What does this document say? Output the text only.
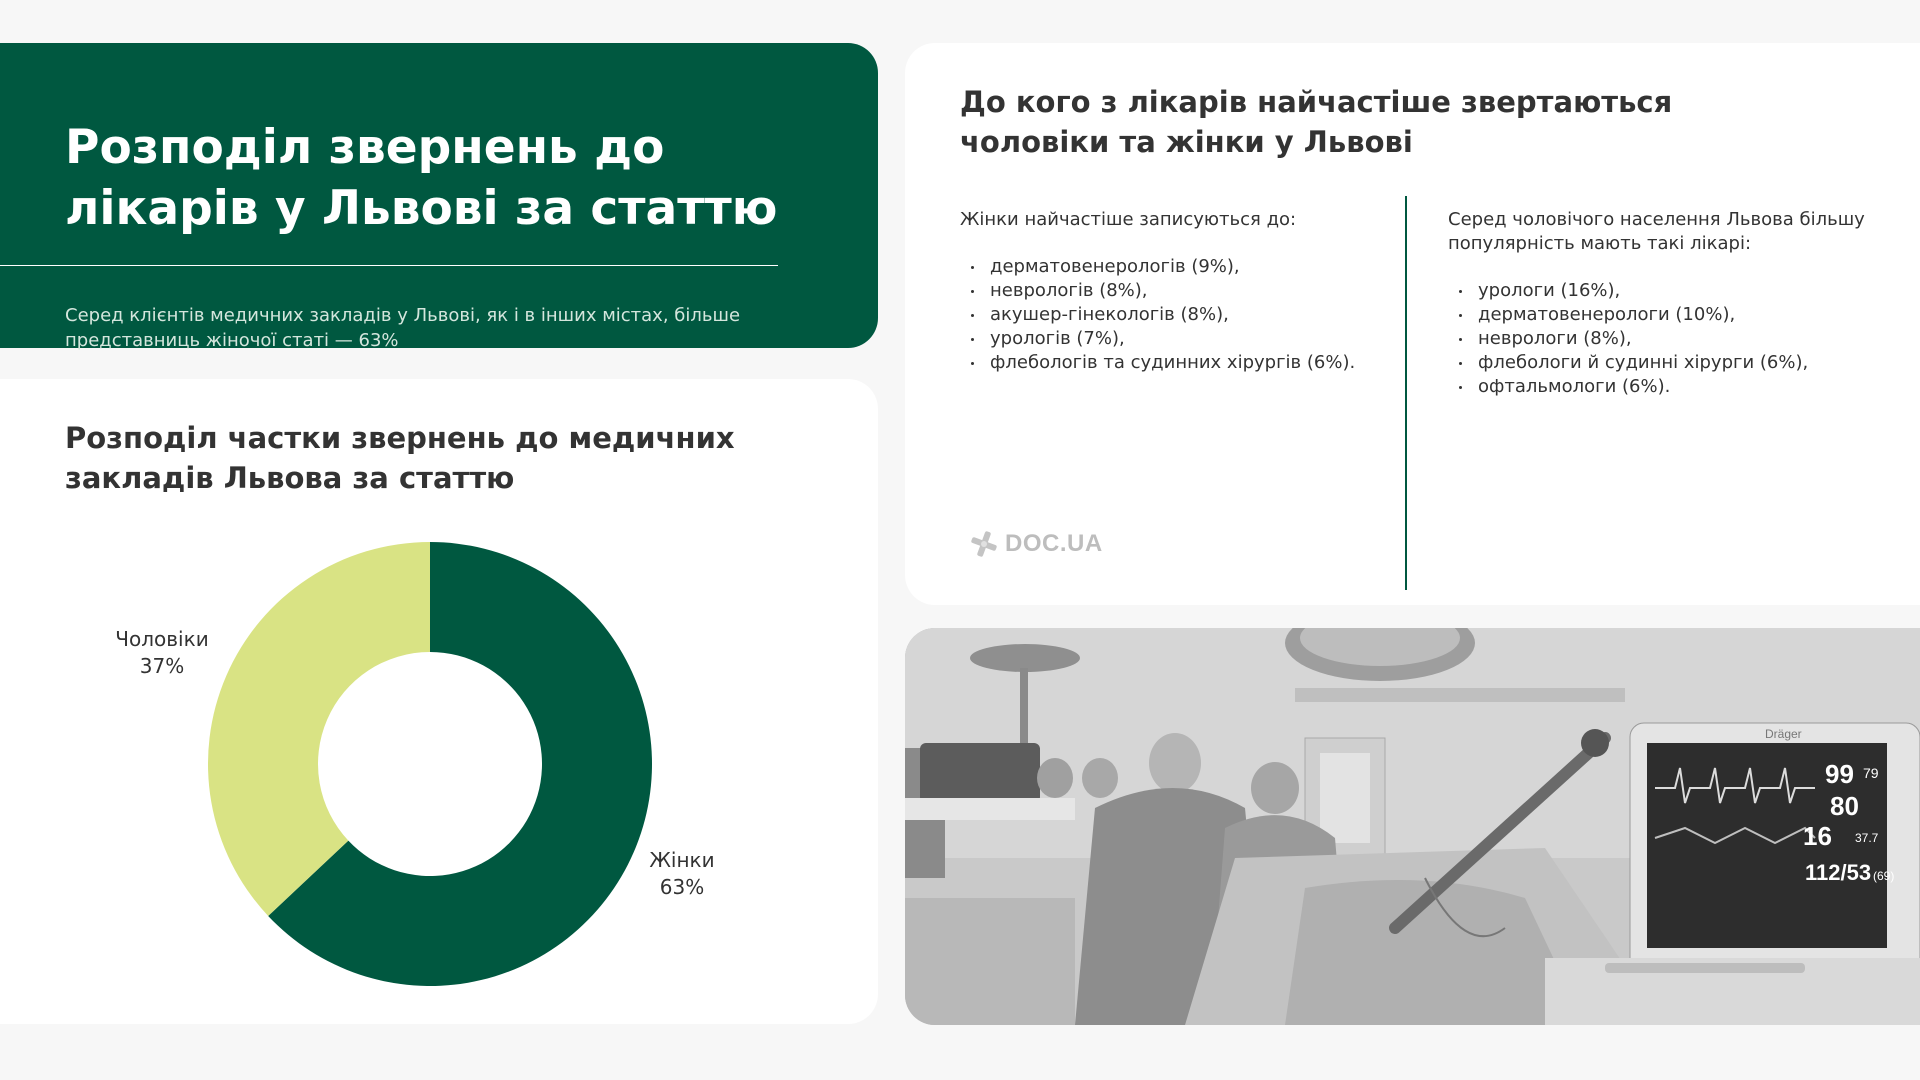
Розподіл звернень до лікарів у Львові за статтю

Серед клієнтів медичних закладів у Львові, як і в інших містах, більше представниць жіночої статі — 63%

Розподіл частки звернень до медичних закладів Львова за статтю
Жінки
63%
Чоловіки
37%
До кого з лікарів найчастіше звертаються чоловіки та жінки у Львові

Жінки найчастіше записуються до:

дерматовенерологів (9%),
неврологів (8%),
акушер-гінекологів (8%),
урологів (7%),
флебологів та судинних хірургів (6%).

Серед чоловічого населення Львова більшу популярність мають такі лікарі:

урологи (16%),
дерматовенерологи (10%),
неврологи (8%),
флебологи й судинні хірурги (6%),
офтальмологи (6%).
DOC.UA
99 79
80
16 37.7
112/53 (69)
Dräger
